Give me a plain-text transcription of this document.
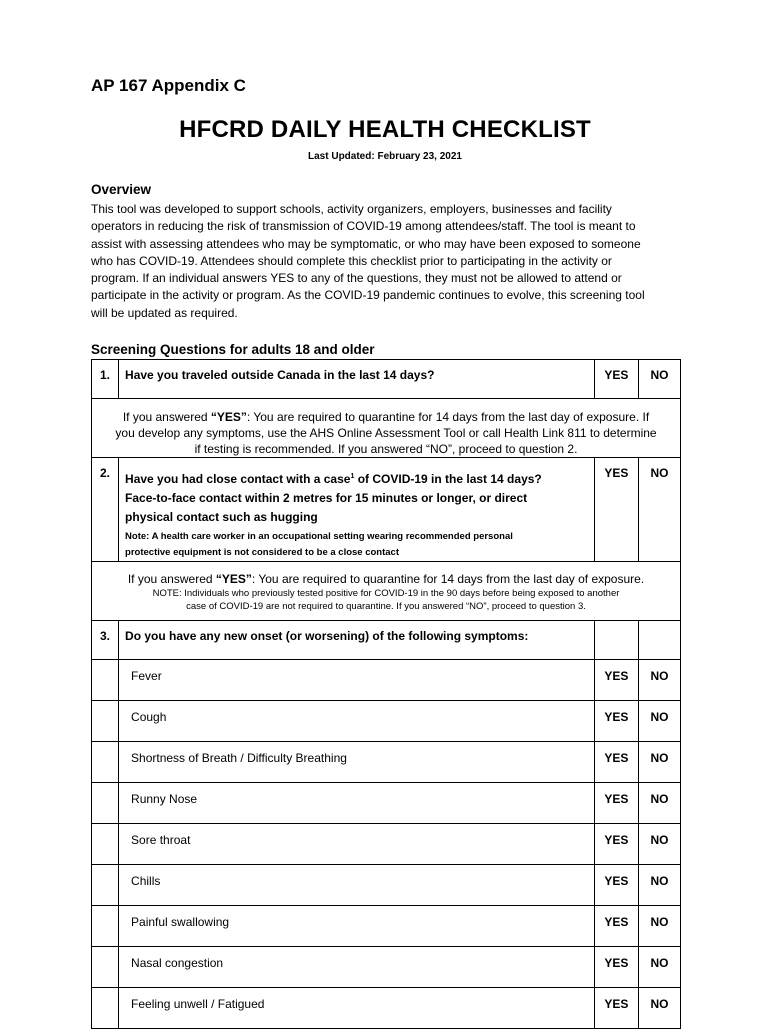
AP 167 Appendix C
HFCRD DAILY HEALTH CHECKLIST
Last Updated: February 23, 2021
Overview
This tool was developed to support schools, activity organizers, employers, businesses and facility
operators in reducing the risk of transmission of COVID-19 among attendees/staff. The tool is meant to
assist with assessing attendees who may be symptomatic, or who may have been exposed to someone
who has COVID-19. Attendees should complete this checklist prior to participating in the activity or
program. If an individual answers YES to any of the questions, they must not be allowed to attend or
participate in the activity or program. As the COVID-19 pandemic continues to evolve, this screening tool
will be updated as required.
Screening Questions for adults 18 and older
1.	Have you traveled outside Canada in the last 14 days?	YES	NO

If you answered “YES”: You are required to quarantine for 14 days from the last day of exposure. If
you develop any symptoms, use the AHS Online Assessment Tool or call Health Link 811 to determine
if testing is recommended. If you answered “NO”, proceed to question 2.			

2.	Have you had close contact with a case$^1$ of COVID-19 in the last 14 days?
Face-to-face contact within 2 metres for 15 minutes or longer, or direct
physical contact such as hugging
Note: A health care worker in an occupational setting wearing recommended personal
protective equipment is not considered to be a close contact	YES	NO

If you answered “YES”: You are required to quarantine for 14 days from the last day of exposure.
NOTE: Individuals who previously tested positive for COVID-19 in the 90 days before being exposed to another
case of COVID-19 are not required to quarantine. If you answered “NO”, proceed to question 3.			

3.	Do you have any new onset (or worsening) of the following symptoms:		
	Fever	YES	NO
	Cough	YES	NO
	Shortness of Breath / Difficulty Breathing	YES	NO
	Runny Nose	YES	NO
	Sore throat	YES	NO
	Chills	YES	NO
	Painful swallowing	YES	NO
	Nasal congestion	YES	NO
	Feeling unwell / Fatigued	YES	NO
